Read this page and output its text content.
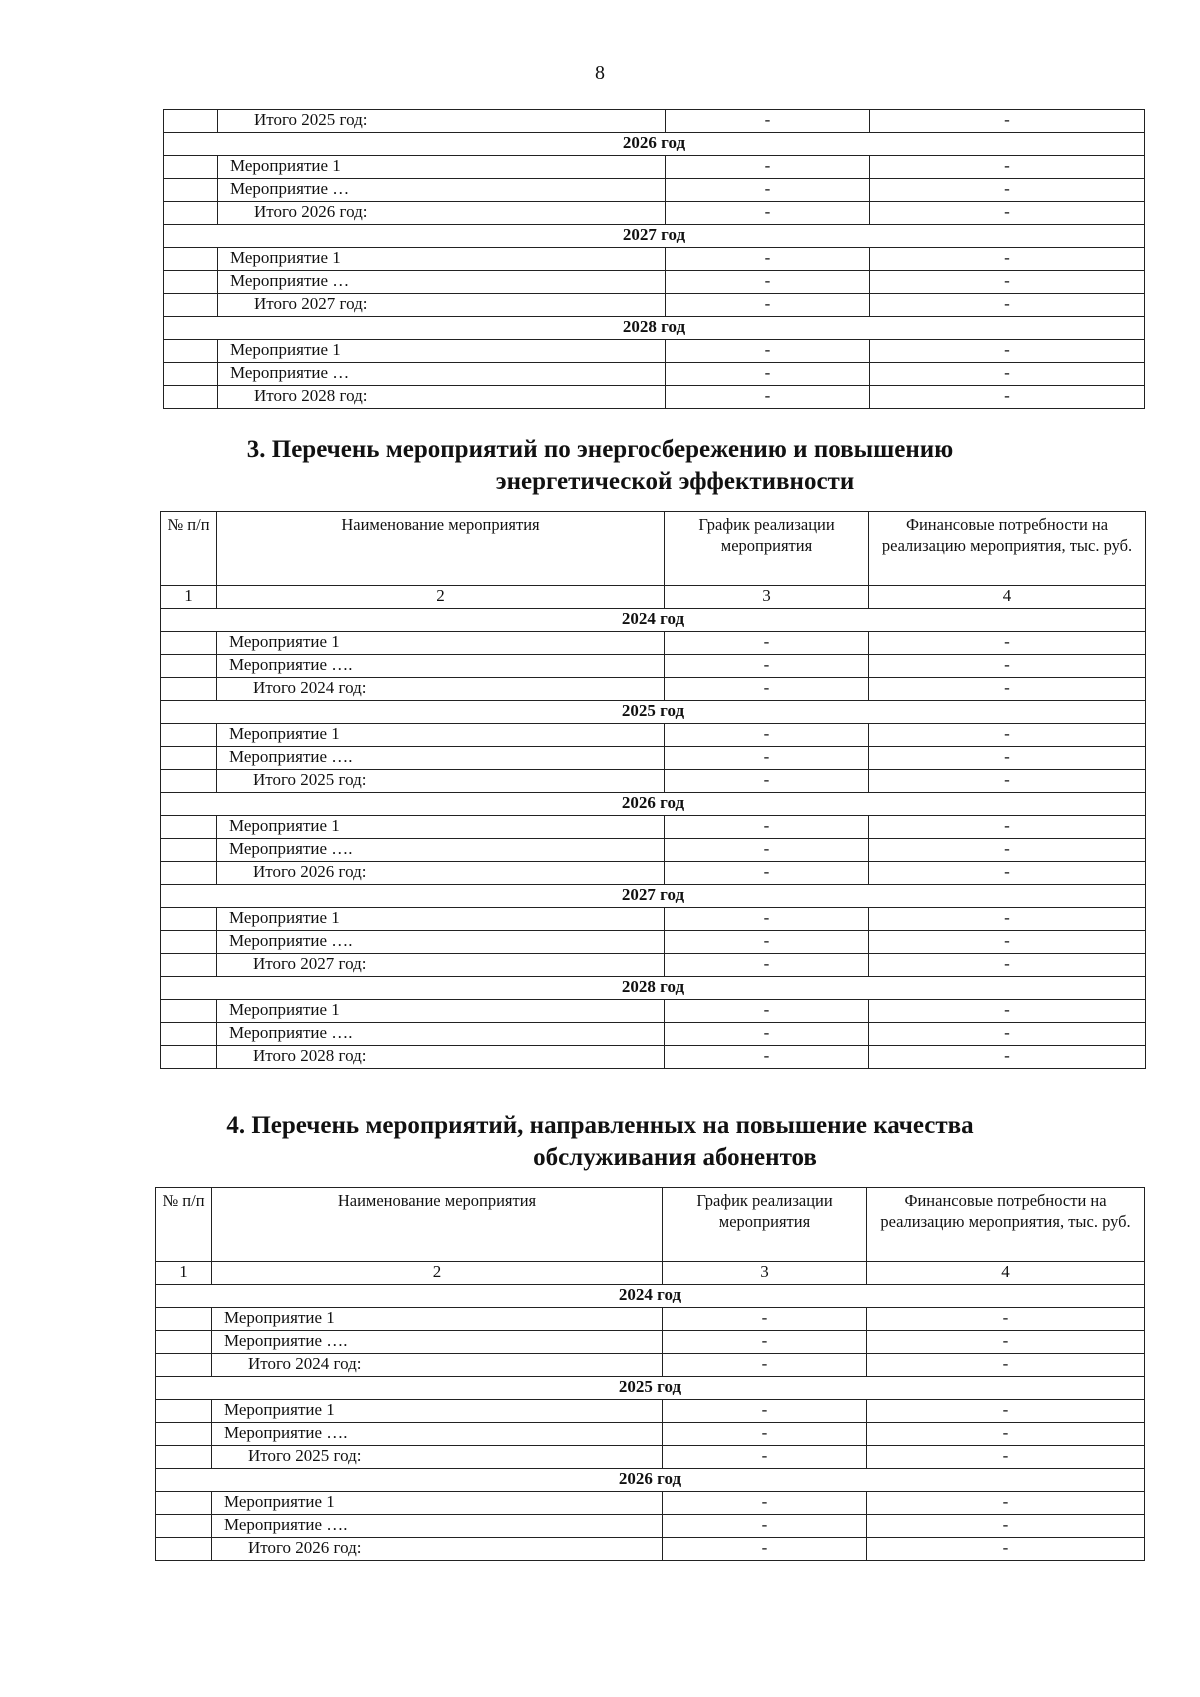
8
	Итого 2025 год:	-	-
2026 год			
	Мероприятие 1	-	-
	Мероприятие …	-	-
	Итого 2026 год:	-	-
2027 год			
	Мероприятие 1	-	-
	Мероприятие …	-	-
	Итого 2027 год:	-	-
2028 год			
	Мероприятие 1	-	-
	Мероприятие …	-	-
	Итого 2028 год:	-	-
3. Перечень мероприятий по энергосбережению и повышению
энергетической эффективности
№ п/п	Наименование мероприятия	График реализации мероприятия	Финансовые потребности на реализацию мероприятия, тыс. руб.
1	2	3	4
2024 год			
	Мероприятие 1	-	-
	Мероприятие ….	-	-
	Итого 2024 год:	-	-
2025 год			
	Мероприятие 1	-	-
	Мероприятие ….	-	-
	Итого 2025 год:	-	-
2026 год			
	Мероприятие 1	-	-
	Мероприятие ….	-	-
	Итого 2026 год:	-	-
2027 год			
	Мероприятие 1	-	-
	Мероприятие ….	-	-
	Итого 2027 год:	-	-
2028 год			
	Мероприятие 1	-	-
	Мероприятие ….	-	-
	Итого 2028 год:	-	-
4. Перечень мероприятий, направленных на повышение качества
обслуживания абонентов
№ п/п	Наименование мероприятия	График реализации мероприятия	Финансовые потребности на реализацию мероприятия, тыс. руб.
1	2	3	4
2024 год			
	Мероприятие 1	-	-
	Мероприятие ….	-	-
	Итого 2024 год:	-	-
2025 год			
	Мероприятие 1	-	-
	Мероприятие ….	-	-
	Итого 2025 год:	-	-
2026 год			
	Мероприятие 1	-	-
	Мероприятие ….	-	-
	Итого 2026 год:	-	-
